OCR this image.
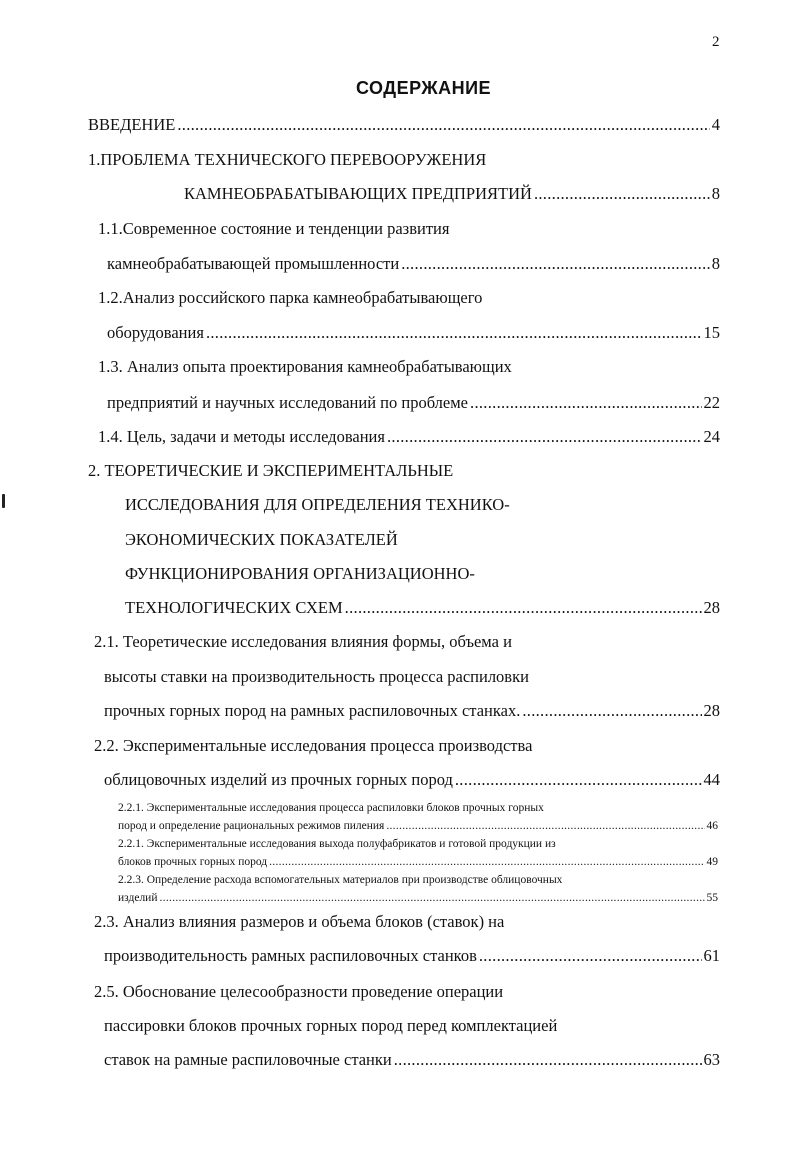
2
СОДЕРЖАНИЕ
ВВЕДЕНИЕ .....	4
1.ПРОБЛЕМА ТЕХНИЧЕСКОГО ПЕРЕВООРУЖЕНИЯ
КАМНЕОБРАБАТЫВАЮЩИХ ПРЕДПРИЯТИЙ .....	8
1.1.Современное состояние и тенденции развития
камнеобрабатывающей промышленности .....	8
1.2.Анализ российского парка камнеобрабатывающего
оборудования .....	15
1.3. Анализ опыта проектирования камнеобрабатывающих
предприятий и научных исследований по проблеме .....	22
1.4. Цель, задачи и методы исследования .....	24
2. ТЕОРЕТИЧЕСКИЕ И ЭКСПЕРИМЕНТАЛЬНЫЕ
ИССЛЕДОВАНИЯ ДЛЯ ОПРЕДЕЛЕНИЯ ТЕХНИКО-
ЭКОНОМИЧЕСКИХ ПОКАЗАТЕЛЕЙ
ФУНКЦИОНИРОВАНИЯ ОРГАНИЗАЦИОННО-
ТЕХНОЛОГИЧЕСКИХ СХЕМ .....	28
2.1. Теоретические исследования влияния формы, объема и
высоты ставки на производительность процесса распиловки
прочных горных пород на рамных распиловочных станках. .....	28
2.2. Экспериментальные исследования процесса производства
облицовочных изделий из прочных горных пород .....	44
2.2.1. Экспериментальные исследования процесса распиловки блоков прочных горных
пород и определение рациональных режимов пиления .....	46
2.2.1. Экспериментальные исследования выхода полуфабрикатов и готовой продукции из
блоков прочных горных пород .....	49
2.2.3. Определение расхода вспомогательных материалов при производстве облицовочных
изделий .....	55
2.3. Анализ влияния размеров и объема блоков (ставок) на
производительность рамных распиловочных станков .....	61
2.5. Обоснование целесообразности проведение операции
пассировки блоков прочных горных пород перед комплектацией
ставок на рамные распиловочные станки .....	63
